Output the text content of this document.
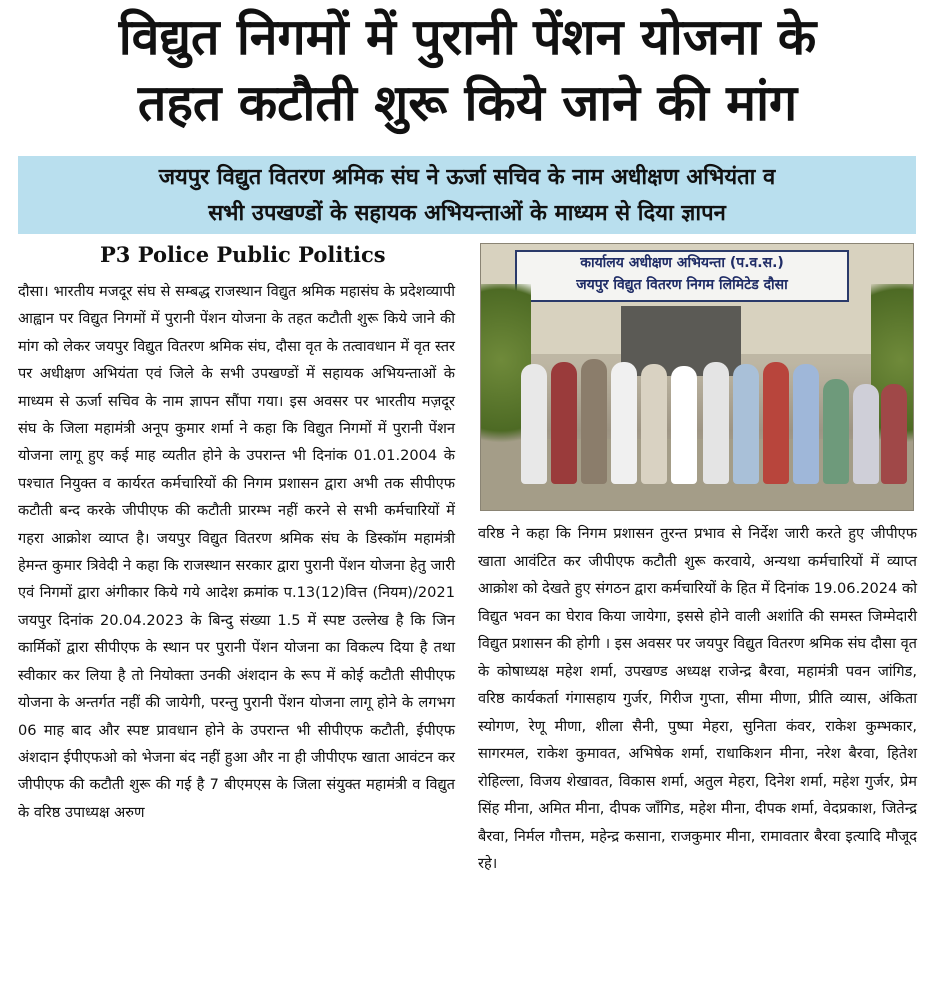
विद्युत निगमों में पुरानी पेंशन योजना के
तहत कटौती शुरू किये जाने की मांग
जयपुर विद्युत वितरण श्रमिक संघ ने ऊर्जा सचिव के नाम अधीक्षण अभियंता व
सभी उपखण्डों के सहायक अभियन्ताओं के माध्यम से दिया ज्ञापन
P3 Police Public Politics

दौसा। भारतीय मजदूर संघ से सम्बद्ध राजस्थान विद्युत श्रमिक महासंघ के प्रदेशव्यापी आह्वान पर विद्युत निगमों में पुरानी पेंशन योजना के तहत कटौती शुरू किये जाने की मांग को लेकर जयपुर विद्युत वितरण श्रमिक संघ, दौसा वृत के तत्वावधान में वृत स्तर पर अधीक्षण अभियंता एवं जिले के सभी उपखण्डों में सहायक अभियन्ताओं के माध्यम से ऊर्जा सचिव के नाम ज्ञापन सौंपा गया। इस अवसर पर भारतीय मज़दूर संघ के जिला महामंत्री अनूप कुमार शर्मा ने कहा कि विद्युत निगमों में पुरानी पेंशन योजना लागू हुए कई माह व्यतीत होने के उपरान्त भी दिनांक 01.01.2004 के पश्चात नियुक्त व कार्यरत कर्मचारियों की निगम प्रशासन द्वारा अभी तक सीपीएफ कटौती बन्द करके जीपीएफ की कटौती प्रारम्भ नहीं करने से सभी कर्मचारियों में गहरा आक्रोश व्याप्त है। जयपुर विद्युत वितरण श्रमिक संघ के डिस्कॉम महामंत्री हेमन्त कुमार त्रिवेदी ने कहा कि राजस्थान सरकार द्वारा पुरानी पेंशन योजना हेतु जारी एवं निगमों द्वारा अंगीकार किये गये आदेश क्रमांक प.13(12)वित्त (नियम)/2021 जयपुर दिनांक 20.04.2023 के बिन्दु संख्या 1.5 में स्पष्ट उल्लेख है कि जिन कार्मिकों द्वारा सीपीएफ के स्थान पर पुरानी पेंशन योजना का विकल्प दिया है तथा स्वीकार कर लिया है तो नियोक्ता उनकी अंशदान के रूप में कोई कटौती सीपीएफ योजना के अन्तर्गत नहीं की जायेगी, परन्तु पुरानी पेंशन योजना लागू होने के लगभग 06 माह बाद और स्पष्ट प्रावधान होने के उपरान्त भी सीपीएफ कटौती, ईपीएफ अंशदान ईपीएफओ को भेजना बंद नहीं हुआ और ना ही जीपीएफ खाता आवंटन कर जीपीएफ की कटौती शुरू की गई है 7 बीएमएस के जिला संयुक्त महामंत्री व विद्युत के वरिष्ठ उपाध्यक्ष अरुण

कार्यालय अधीक्षण अभियन्ता (प.व.स.)
जयपुर विद्युत वितरण निगम लिमिटेड दौसा

वरिष्ठ ने कहा कि निगम प्रशासन तुरन्त प्रभाव से निर्देश जारी करते हुए जीपीएफ खाता आवंटित कर जीपीएफ कटौती शुरू करवाये, अन्यथा कर्मचारियों में व्याप्त आक्रोश को देखते हुए संगठन द्वारा कर्मचारियों के हित में दिनांक 19.06.2024 को विद्युत भवन का घेराव किया जायेगा, इससे होने वाली अशांति की समस्त जिम्मेदारी विद्युत प्रशासन की होगी । इस अवसर पर जयपुर विद्युत वितरण श्रमिक संघ दौसा वृत के कोषाध्यक्ष महेश शर्मा, उपखण्ड अध्यक्ष राजेन्द्र बैरवा, महामंत्री पवन जांगिड, वरिष्ठ कार्यकर्ता गंगासहाय गुर्जर, गिरीज गुप्ता, सीमा मीणा, प्रीति व्यास, अंकिता स्योगण, रेणू मीणा, शीला सैनी, पुष्पा मेहरा, सुनिता कंवर, राकेश कुम्भकार, सागरमल, राकेश कुमावत, अभिषेक शर्मा, राधाकिशन मीना, नरेश बैरवा, हितेश रोहिल्ला, विजय शेखावत, विकास शर्मा, अतुल मेहरा, दिनेश शर्मा, महेश गुर्जर, प्रेम सिंह मीना, अमित मीना, दीपक जाँगिड, महेश मीना, दीपक शर्मा, वेदप्रकाश, जितेन्द्र बैरवा, निर्मल गौत्तम, महेन्द्र कसाना, राजकुमार मीना, रामावतार बैरवा इत्यादि मौजूद रहे।
